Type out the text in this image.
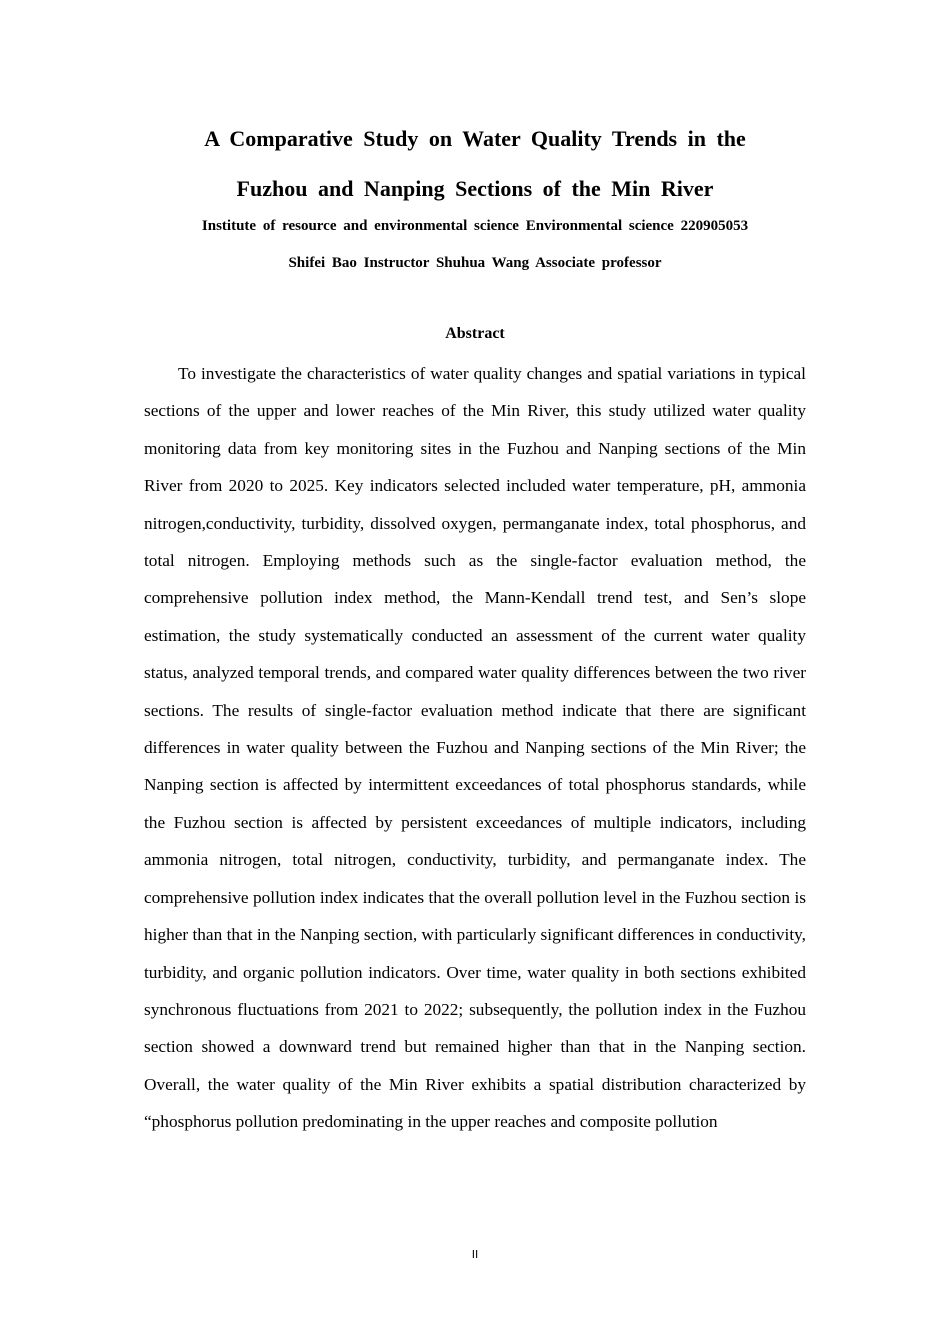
A Comparative Study on Water Quality Trends in the
Fuzhou and Nanping Sections of the Min River

Institute of resource and environmental science Environmental science 220905053

Shifei Bao Instructor Shuhua Wang Associate professor

Abstract

To investigate the characteristics of water quality changes and spatial variations in typical sections of the upper and lower reaches of the Min River, this study utilized water quality monitoring data from key monitoring sites in the Fuzhou and Nanping sections of the Min River from 2020 to 2025. Key indicators selected included water temperature, pH, ammonia nitrogen,conductivity, turbidity, dissolved oxygen, permanganate index, total phosphorus, and total nitrogen. Employing methods such as the single-factor evaluation method, the comprehensive pollution index method, the Mann-Kendall trend test, and Sen’s slope estimation, the study systematically conducted an assessment of the current water quality status, analyzed temporal trends, and compared water quality differences between the two river sections. The results of single-factor evaluation method indicate that there are significant differences in water quality between the Fuzhou and Nanping sections of the Min River; the Nanping section is affected by intermittent exceedances of total phosphorus standards, while the Fuzhou section is affected by persistent exceedances of multiple indicators, including ammonia nitrogen, total nitrogen, conductivity, turbidity, and permanganate index. The comprehensive pollution index indicates that the overall pollution level in the Fuzhou section is higher than that in the Nanping section, with particularly significant differences in conductivity, turbidity, and organic pollution indicators. Over time, water quality in both sections exhibited synchronous fluctuations from 2021 to 2022; subsequently, the pollution index in the Fuzhou section showed a downward trend but remained higher than that in the Nanping section. Overall, the water quality of the Min River exhibits a spatial distribution characterized by “phosphorus pollution predominating in the upper reaches and composite pollution

II
